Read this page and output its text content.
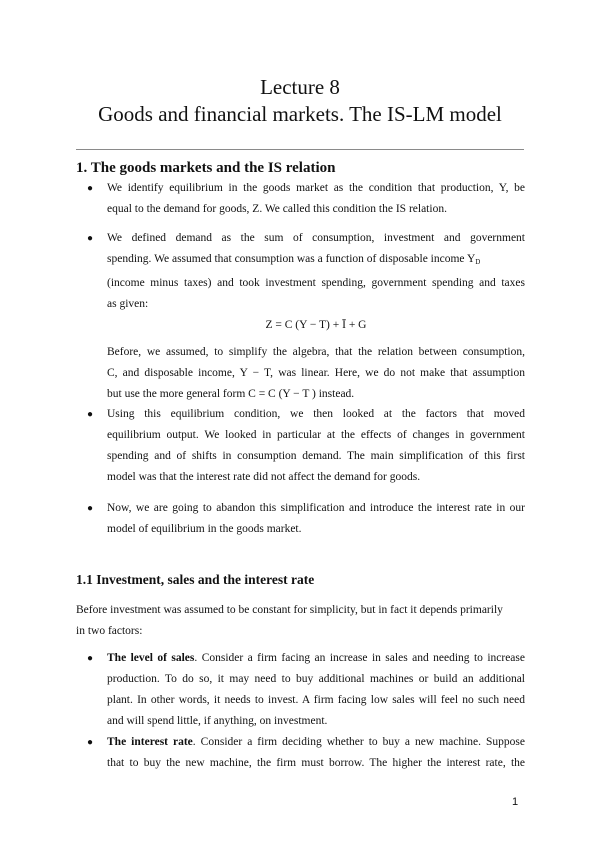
Lecture 8
Goods and financial markets. The IS-LM model
1. The goods markets and the IS relation
● We identify equilibrium in the goods market as the condition that production, Y, be
equal to the demand for goods, Z. We called this condition the IS relation.
● We defined demand as the sum of consumption, investment and government
spending. We assumed that consumption was a function of disposable income $Y_D$
(income minus taxes) and took investment spending, government spending and taxes
as given:
Z = C (Y − T) + Ī + G
Before, we assumed, to simplify the algebra, that the relation between consumption,
C, and disposable income, Y − T, was linear. Here, we do not make that assumption
but use the more general form C = C (Y − T ) instead.
● Using this equilibrium condition, we then looked at the factors that moved
equilibrium output. We looked in particular at the effects of changes in government
spending and of shifts in consumption demand. The main simplification of this first
model was that the interest rate did not affect the demand for goods.
● Now, we are going to abandon this simplification and introduce the interest rate in our
model of equilibrium in the goods market.
1.1 Investment, sales and the interest rate
Before investment was assumed to be constant for simplicity, but in fact it depends primarily
in two factors:
● The level of sales. Consider a firm facing an increase in sales and needing to increase
production. To do so, it may need to buy additional machines or build an additional
plant. In other words, it needs to invest. A firm facing low sales will feel no such need
and will spend little, if anything, on investment.
● The interest rate. Consider a firm deciding whether to buy a new machine. Suppose
that to buy the new machine, the firm must borrow. The higher the interest rate, the
1
